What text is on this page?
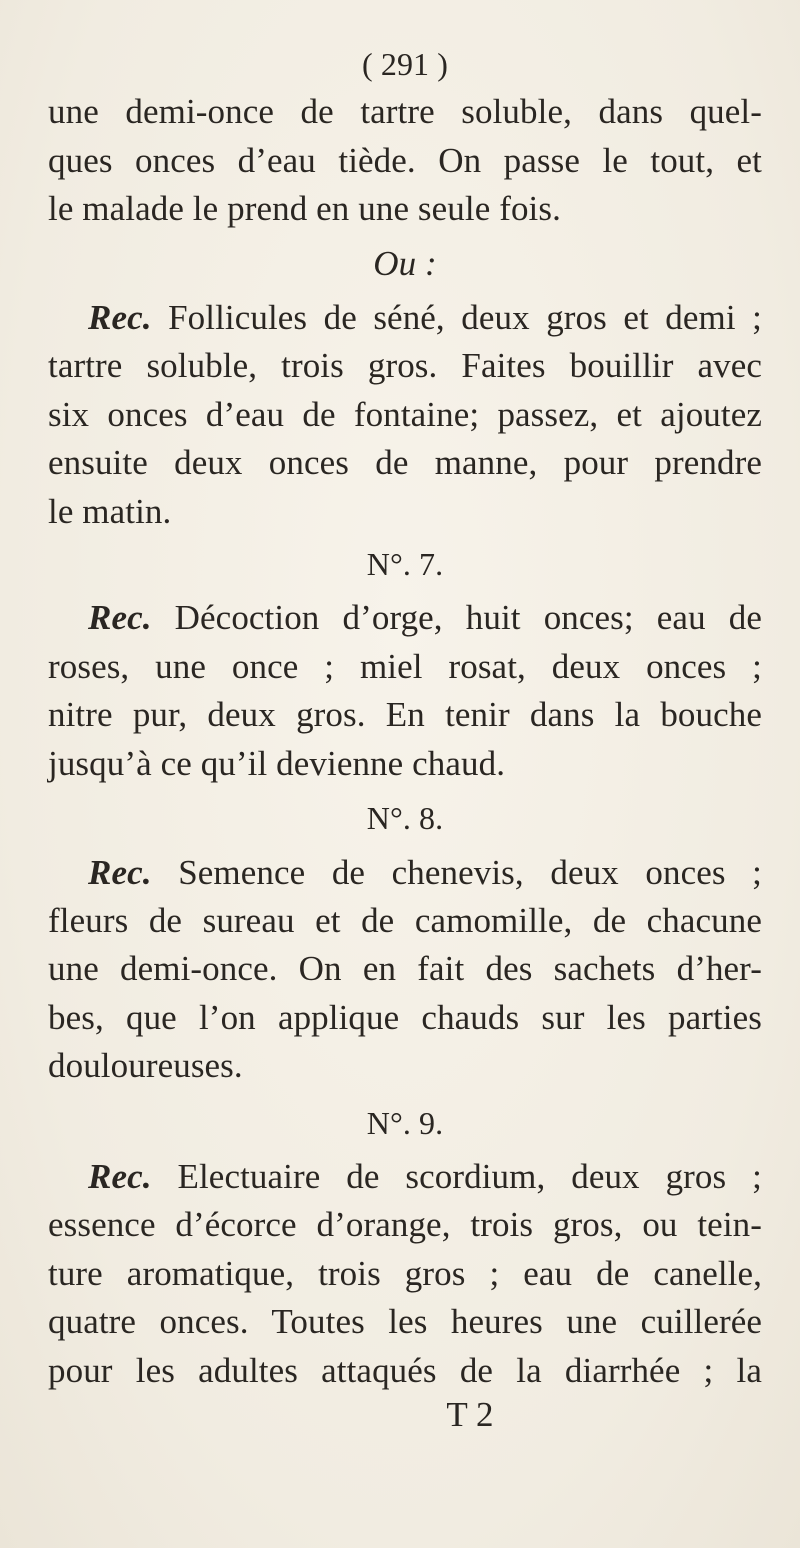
( 291 )
une demi-once de tartre soluble, dans quel-
ques onces d’eau tiède. On passe le tout, et
le malade le prend en une seule fois.
Ou :
Rec. Follicules de séné, deux gros et demi ;
tartre soluble, trois gros. Faites bouillir avec
six onces d’eau de fontaine; passez, et ajoutez
ensuite deux onces de manne, pour prendre
le matin.
N°. 7.
Rec. Décoction d’orge, huit onces; eau de
roses, une once ; miel rosat, deux onces ;
nitre pur, deux gros. En tenir dans la bouche
jusqu’à ce qu’il devienne chaud.
N°. 8.
Rec. Semence de chenevis, deux onces ;
fleurs de sureau et de camomille, de chacune
une demi-once. On en fait des sachets d’her-
bes, que l’on applique chauds sur les parties
douloureuses.
N°. 9.
Rec. Electuaire de scordium, deux gros ;
essence d’écorce d’orange, trois gros, ou tein-
ture aromatique, trois gros ; eau de canelle,
quatre onces. Toutes les heures une cuillerée
pour les adultes attaqués de la diarrhée ; la
T 2
